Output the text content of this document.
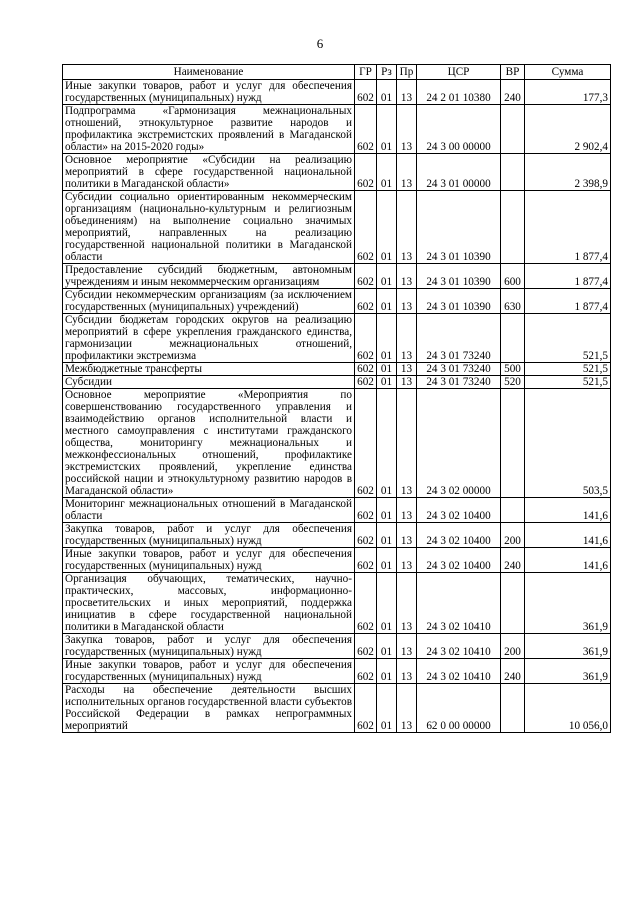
6
Наименование	ГР	Рз	Пр	ЦСР	ВР	Сумма
Иные закупки товаров, работ и услуг для обеспечения государственных (муниципальных) нужд	602	01	13	24 2 01 10380	240	177,3
Подпрограмма «Гармонизация межнациональных отношений, этнокультурное развитие народов и профилактика экстремистских проявлений в Магаданской области» на 2015-2020 годы»	602	01	13	24 3 00 00000		2 902,4
Основное мероприятие «Субсидии на реализацию мероприятий в сфере государственной национальной политики в Магаданской области»	602	01	13	24 3 01 00000		2 398,9
Субсидии социально ориентированным некоммерческим организациям (национально-культурным и религиозным объединениям) на выполнение социально значимых мероприятий, направленных на реализацию государственной национальной политики в Магаданской области	602	01	13	24 3 01 10390		1 877,4
Предоставление субсидий бюджетным, автономным учреждениям и иным некоммерческим организациям	602	01	13	24 3 01 10390	600	1 877,4
Субсидии некоммерческим организациям (за исключением государственных (муниципальных) учреждений)	602	01	13	24 3 01 10390	630	1 877,4
Субсидии бюджетам городских округов на реализацию мероприятий в сфере укрепления гражданского единства, гармонизации межнациональных отношений, профилактики экстремизма	602	01	13	24 3 01 73240		521,5
Межбюджетные трансферты	602	01	13	24 3 01 73240	500	521,5
Субсидии	602	01	13	24 3 01 73240	520	521,5
Основное мероприятие «Мероприятия по совершенствованию государственного управления и взаимодействию органов исполнительной власти и местного самоуправления с институтами гражданского общества, мониторингу межнациональных и межконфессиональных отношений, профилактике экстремистских проявлений, укрепление единства российской нации и этнокультурному развитию народов в Магаданской области»	602	01	13	24 3 02 00000		503,5
Мониторинг межнациональных отношений в Магаданской области	602	01	13	24 3 02 10400		141,6
Закупка товаров, работ и услуг для обеспечения государственных (муниципальных) нужд	602	01	13	24 3 02 10400	200	141,6
Иные закупки товаров, работ и услуг для обеспечения государственных (муниципальных) нужд	602	01	13	24 3 02 10400	240	141,6
Организация обучающих, тематических, научно-практических, массовых, информационно-просветительских и иных мероприятий, поддержка инициатив в сфере государственной национальной политики в Магаданской области	602	01	13	24 3 02 10410		361,9
Закупка товаров, работ и услуг для обеспечения государственных (муниципальных) нужд	602	01	13	24 3 02 10410	200	361,9
Иные закупки товаров, работ и услуг для обеспечения государственных (муниципальных) нужд	602	01	13	24 3 02 10410	240	361,9
Расходы на обеспечение деятельности высших исполнительных органов государственной власти субъектов Российской Федерации в рамках непрограммных мероприятий	602	01	13	62 0 00 00000		10 056,0
